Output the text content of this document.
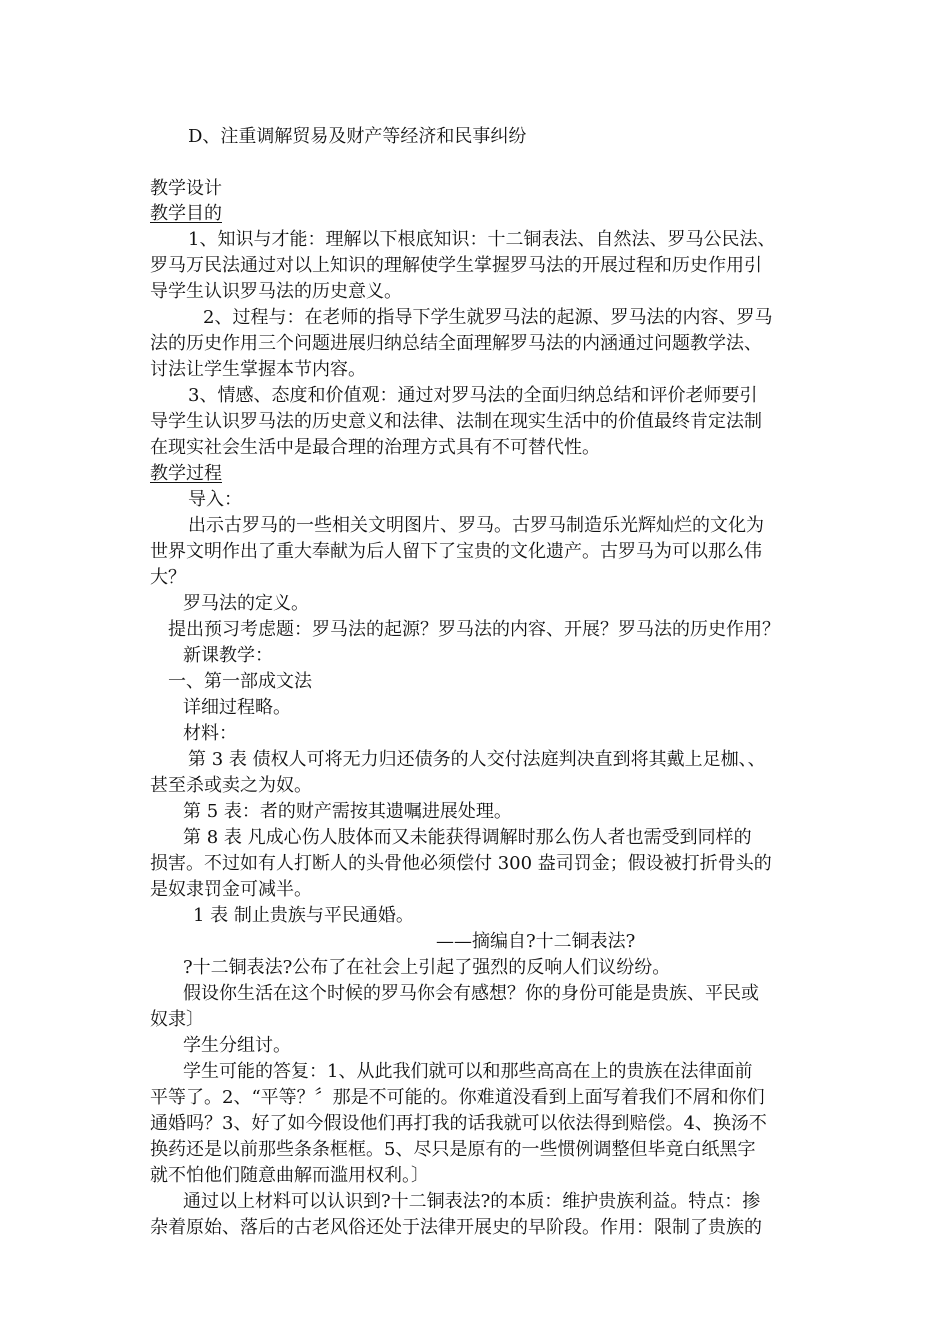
D、注重调解贸易及财产等经济和民事纠纷
教学设计
教学目的
1、知识与才能：理解以下根底知识：十二铜表法、自然法、罗马公民法、
罗马万民法通过对以上知识的理解使学生掌握罗马法的开展过程和历史作用引
导学生认识罗马法的历史意义。
2、过程与：在老师的指导下学生就罗马法的起源、罗马法的内容、罗马
法的历史作用三个问题进展归纳总结全面理解罗马法的内涵通过问题教学法、
讨法让学生掌握本节内容。
3、情感、态度和价值观：通过对罗马法的全面归纳总结和评价老师要引
导学生认识罗马法的历史意义和法律、法制在现实生活中的价值最终肯定法制
在现实社会生活中是最合理的治理方式具有不可替代性。
教学过程
导入：
出示古罗马的一些相关文明图片、罗马。古罗马制造乐光辉灿烂的文化为
世界文明作出了重大奉献为后人留下了宝贵的文化遗产。古罗马为可以那么伟
大？
罗马法的定义。
提出预习考虑题：罗马法的起源？罗马法的内容、开展？罗马法的历史作用？
新课教学：
一、第一部成文法
详细过程略。
材料：
第 3 表 债权人可将无力归还债务的人交付法庭判决直到将其戴上足枷、、
甚至杀或卖之为奴。
第 5 表：者的财产需按其遗嘱进展处理。
第 8 表 凡成心伤人肢体而又未能获得调解时那么伤人者也需受到同样的
损害。不过如有人打断人的头骨他必须偿付 300 盎司罚金；假设被打折骨头的
是奴隶罚金可减半。
1 表 制止贵族与平民通婚。
——摘编自?十二铜表法?
?十二铜表法?公布了在社会上引起了强烈的反响人们议纷纷。
假设你生活在这个时候的罗马你会有感想？你的身份可能是贵族、平民或
奴隶〕
学生分组讨。
学生可能的答复：1、从此我们就可以和那些高高在上的贵族在法律面前
平等了。2、“平等？〞那是不可能的。你难道没看到上面写着我们不屑和你们
通婚吗？3、好了如今假设他们再打我的话我就可以依法得到赔偿。4、换汤不
换药还是以前那些条条框框。5、尽只是原有的一些惯例调整但毕竟白纸黑字
就不怕他们随意曲解而滥用权利。〕
通过以上材料可以认识到?十二铜表法?的本质：维护贵族利益。特点：掺
杂着原始、落后的古老风俗还处于法律开展史的早阶段。作用：限制了贵族的
